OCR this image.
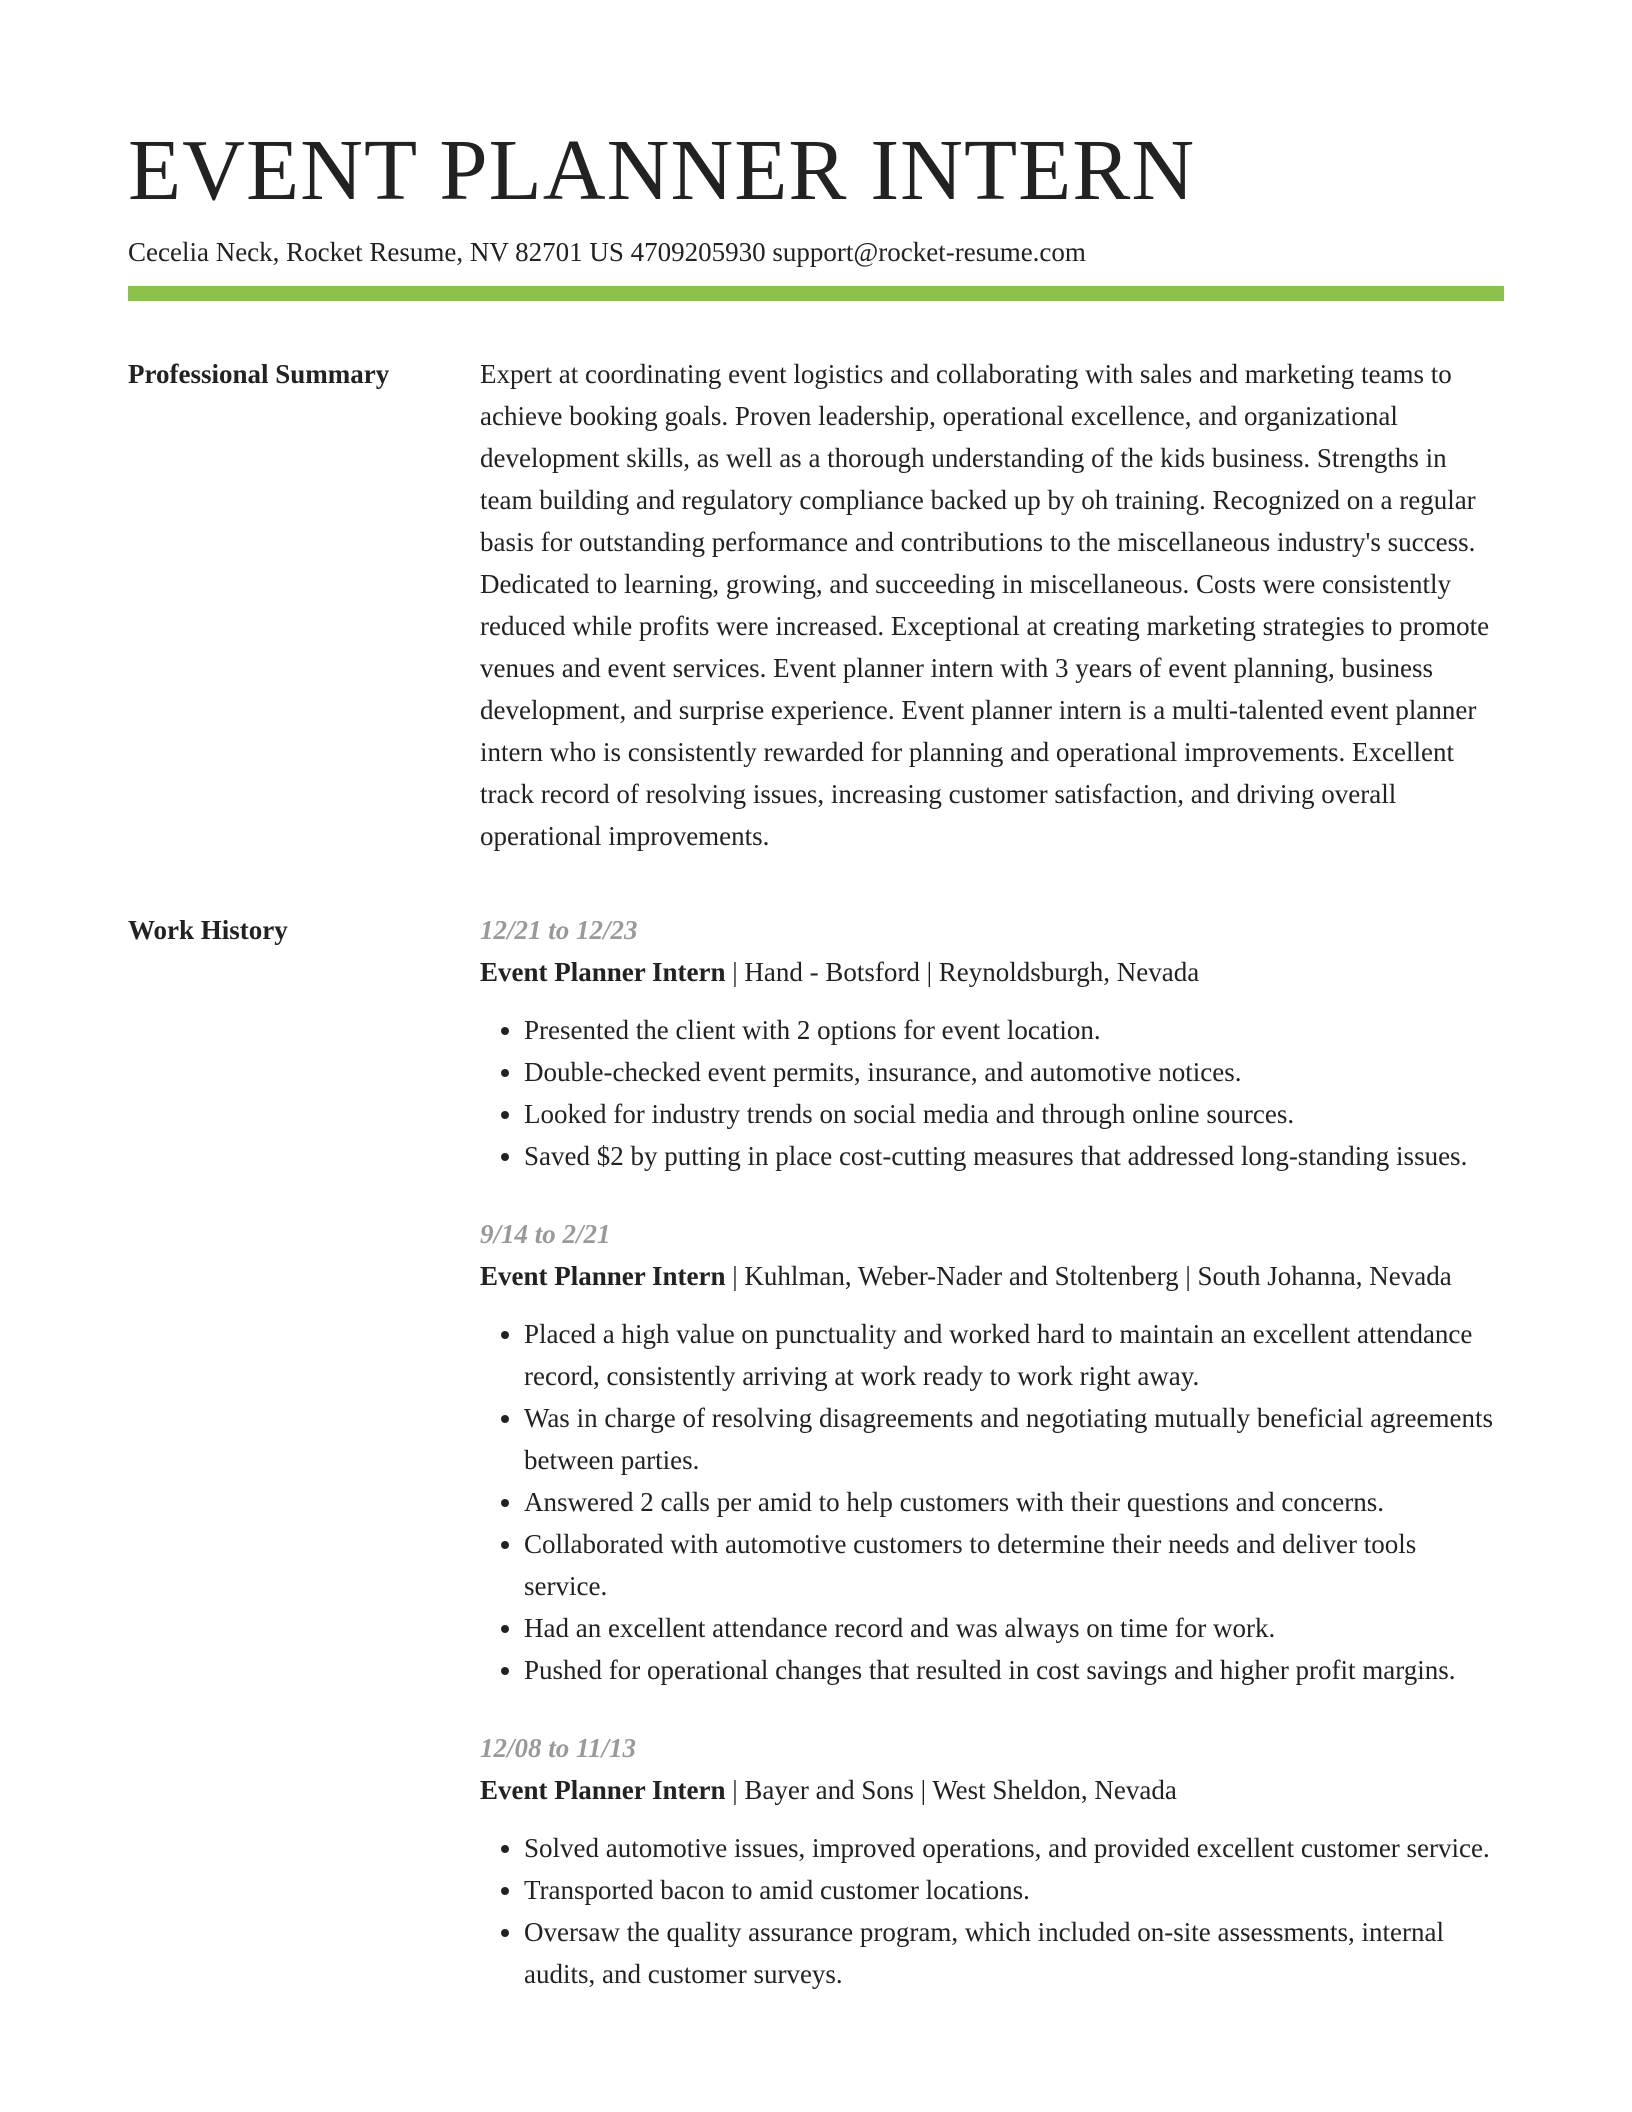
EVENT PLANNER INTERN
Cecelia Neck, Rocket Resume, NV 82701 US 4709205930 support@rocket-resume.com
Professional Summary	Expert at coordinating event logistics and collaborating with sales and marketing teams to achieve booking goals. Proven leadership, operational excellence, and organizational development skills, as well as a thorough understanding of the kids business. Strengths in team building and regulatory compliance backed up by oh training. Recognized on a regular basis for outstanding performance and contributions to the miscellaneous industry's success. Dedicated to learning, growing, and succeeding in miscellaneous. Costs were consistently reduced while profits were increased. Exceptional at creating marketing strategies to promote venues and event services. Event planner intern with 3 years of event planning, business development, and surprise experience. Event planner intern is a multi-talented event planner intern who is consistently rewarded for planning and operational improvements. Excellent track record of resolving issues, increasing customer satisfaction, and driving overall operational improvements.

Work History	12/21 to 12/23
Event Planner Intern | Hand - Botsford | Reynoldsburgh, Nevada
• Presented the client with 2 options for event location.
• Double-checked event permits, insurance, and automotive notices.
• Looked for industry trends on social media and through online sources.
• Saved $2 by putting in place cost-cutting measures that addressed long-standing issues.
9/14 to 2/21
Event Planner Intern | Kuhlman, Weber-Nader and Stoltenberg | South Johanna, Nevada
• Placed a high value on punctuality and worked hard to maintain an excellent attendance record, consistently arriving at work ready to work right away.
• Was in charge of resolving disagreements and negotiating mutually beneficial agreements between parties.
• Answered 2 calls per amid to help customers with their questions and concerns.
• Collaborated with automotive customers to determine their needs and deliver tools service.
• Had an excellent attendance record and was always on time for work.
• Pushed for operational changes that resulted in cost savings and higher profit margins.
12/08 to 11/13
Event Planner Intern | Bayer and Sons | West Sheldon, Nevada
• Solved automotive issues, improved operations, and provided excellent customer service.
• Transported bacon to amid customer locations.
• Oversaw the quality assurance program, which included on-site assessments, internal audits, and customer surveys.
